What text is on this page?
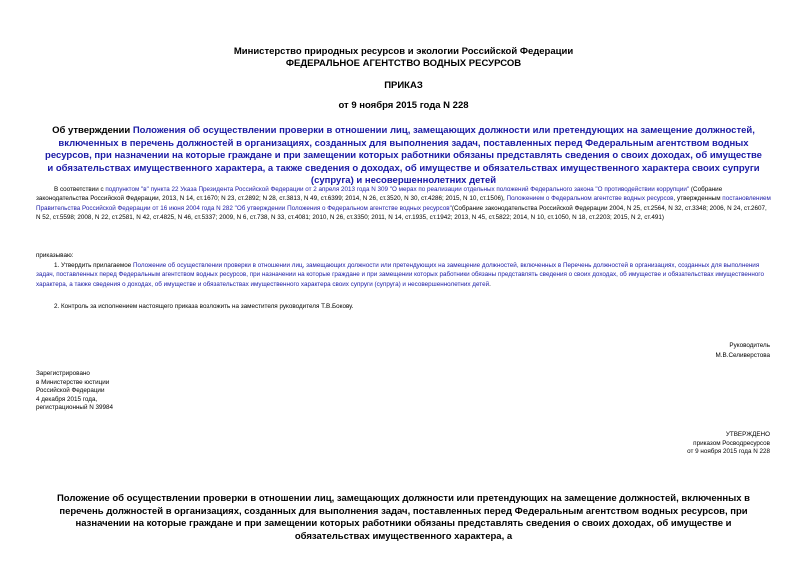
Министерство природных ресурсов и экологии Российской Федерации
ФЕДЕРАЛЬНОЕ АГЕНТСТВО ВОДНЫХ РЕСУРСОВ
ПРИКАЗ
от 9 ноября 2015 года N 228
Об утверждении Положения об осуществлении проверки в отношении лиц, замещающих должности или претендующих на замещение должностей, включенных в перечень должностей в организациях, созданных для выполнения задач, поставленных перед Федеральным агентством водных ресурсов, при назначении на которые граждане и при замещении которых работники обязаны представлять сведения о своих доходах, об имуществе и обязательствах имущественного характера, а также сведения о доходах, об имуществе и обязательствах имущественного характера своих супруги (супруга) и несовершеннолетних детей

В соответствии с подпунктом "в" пункта 22 Указа Президента Российской Федерации от 2 апреля 2013 года N 309 "О мерах по реализации отдельных положений Федерального закона "О противодействии коррупции" (Собрание законодательства Российской Федерации, 2013, N 14, ст.1670; N 23, ст.2892; N 28, ст.3813, N 49, ст.6399; 2014, N 26, ст.3520, N 30, ст.4286; 2015, N 10, ст.1506), Положением о Федеральном агентстве водных ресурсов, утвержденным постановлением Правительства Российской Федерации от 16 июня 2004 года N 282 "Об утверждении Положения о Федеральном агентстве водных ресурсов"(Собрание законодательства Российской Федерации 2004, N 25, ст.2564, N 32, ст.3348; 2006, N 24, ст.2607, N 52, ст.5598; 2008, N 22, ст.2581, N 42, ст.4825, N 46, ст.5337; 2009, N 6, ст.738, N 33, ст.4081; 2010, N 26, ст.3350; 2011, N 14, ст.1935, ст.1942; 2013, N 45, ст.5822; 2014, N 10, ст.1050, N 18, ст.2203; 2015, N 2, ст.491)

приказываю:

1. Утвердить прилагаемое Положение об осуществлении проверки в отношении лиц, замещающих должности или претендующих на замещение должностей, включенных в Перечень должностей в организациях, созданных для выполнения задач, поставленных перед Федеральным агентством водных ресурсов, при назначении на которые граждане и при замещении которых работники обязаны представлять сведения о своих доходах, об имуществе и обязательствах имущественного характера, а также сведения о доходах, об имуществе и обязательствах имущественного характера своих супруги (супруга) и несовершеннолетних детей.

2. Контроль за исполнением настоящего приказа возложить на заместителя руководителя Т.В.Бокову.

Руководитель
М.В.Селиверстова
Зарегистрировано
в Министерстве юстиции
Российской Федерации
4 декабря 2015 года,
регистрационный N 39984
УТВЕРЖДЕНО
приказом Росводресурсов
от 9 ноября 2015 года N 228
Положение об осуществлении проверки в отношении лиц, замещающих должности или претендующих на замещение должностей, включенных в перечень должностей в организациях, созданных для выполнения задач, поставленных перед Федеральным агентством водных ресурсов, при назначении на которые граждане и при замещении которых работники обязаны представлять сведения о своих доходах, об имуществе и обязательствах имущественного характера, а
